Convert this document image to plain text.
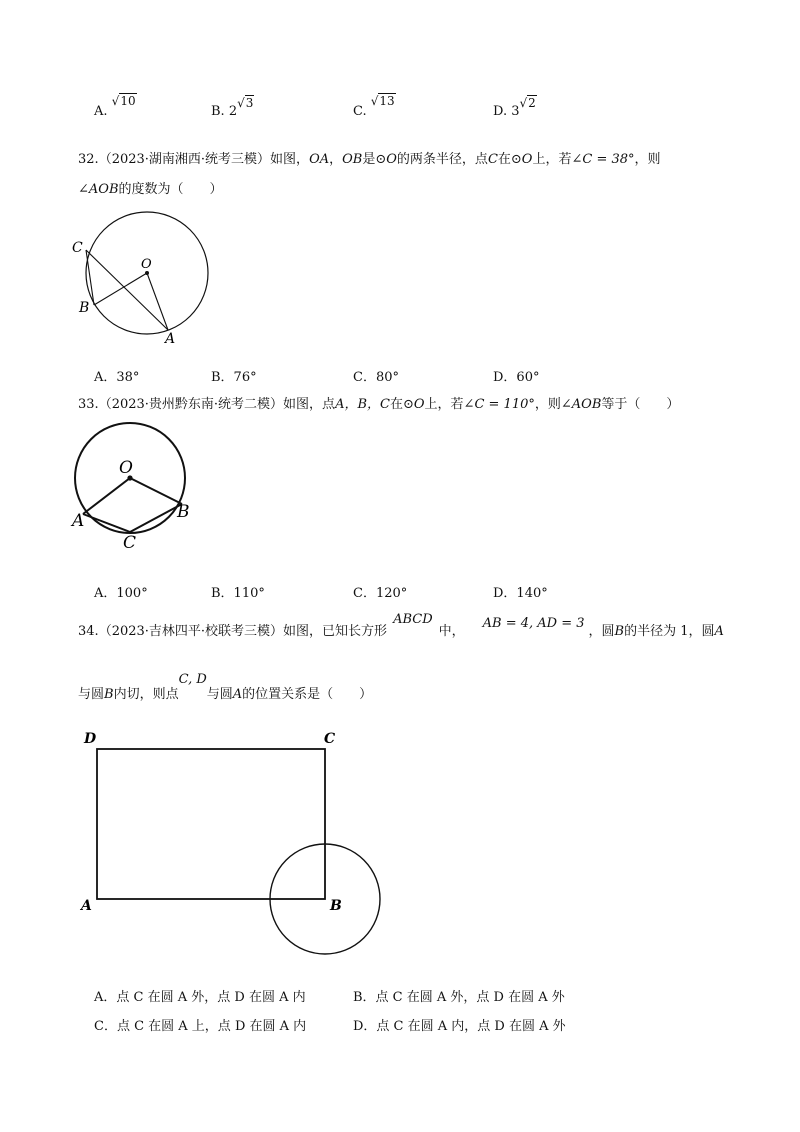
A. √10
B. 2√3
C. √13
D. 3√2
32.（2023·湖南湘西·统考三模）如图，OA，OB是⊙O的两条半径，点C在⊙O上，若∠C = 38°，则
∠AOB的度数为（　　）
C
O
B
A
A．38°	B．76°	C．80°	D．60°
33.（2023·贵州黔东南·统考二模）如图，点A，B，C在⊙O上，若∠C = 110°，则∠AOB等于（　　）
O
A	B
C
A．100°	B．110°	C．120°	D．140°
34.（2023·吉林四平·校联考三模）如图，已知长方形ABCD中，AB = 4, AD = 3，圆B的半径为 1，圆A
与圆B内切，则点C, D与圆A的位置关系是（　　）
D	C
A	B
A．点 C 在圆 A 外，点 D 在圆 A 内	B．点 C 在圆 A 外，点 D 在圆 A 外
C．点 C 在圆 A 上，点 D 在圆 A 内	D．点 C 在圆 A 内，点 D 在圆 A 外
